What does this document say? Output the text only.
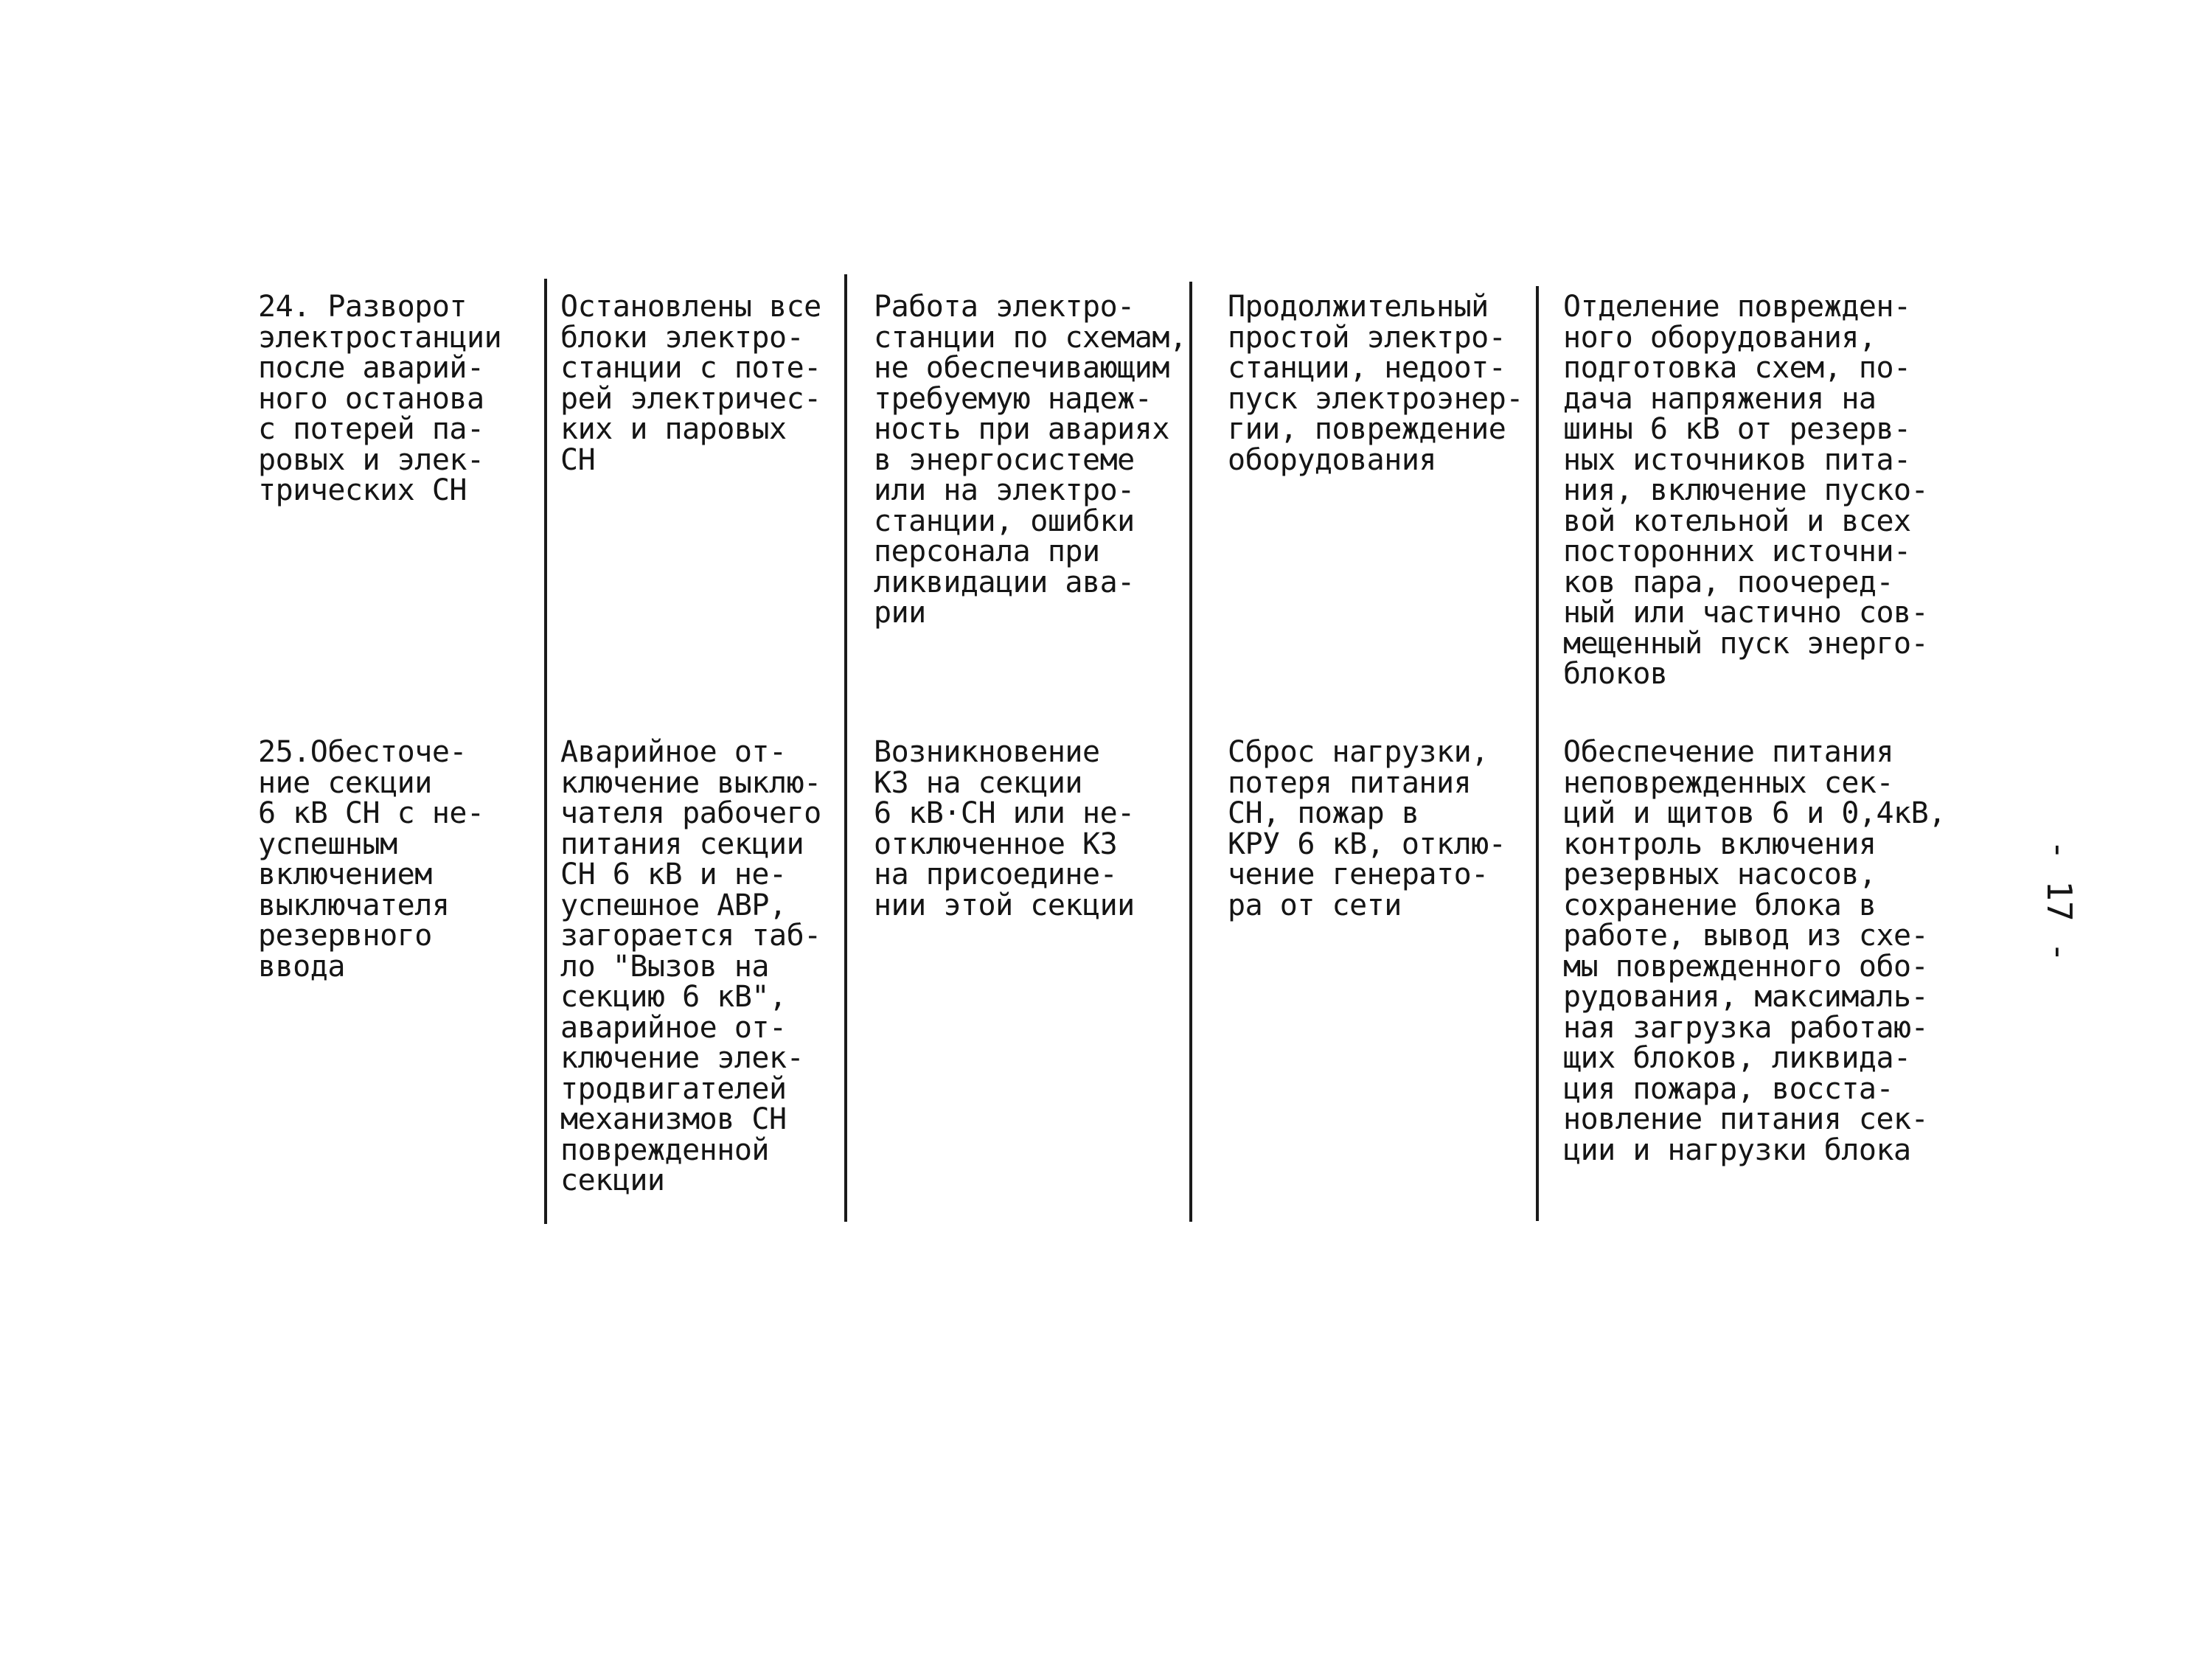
24. Разворот
электростанции
после аварий-
ного останова
с потерей па-
ровых и элек-
трических СН
Остановлены все
блоки электро-
станции с поте-
рей электричес-
ких и паровых
СН
Работа электро-
станции по схемам,
не обеспечивающим
требуемую надеж-
ность при авариях
в энергосистеме
или на электро-
станции, ошибки
персонала при
ликвидации ава-
рии
Продолжительный
простой электро-
станции, недоот-
пуск электроэнер-
гии, повреждение
оборудования
Отделение поврежден-
ного оборудования,
подготовка схем, по-
дача напряжения на
шины 6 кВ от резерв-
ных источников пита-
ния, включение пуско-
вой котельной и всех
посторонних источни-
ков пара, поочеред-
ный или частично сов-
мещенный пуск энерго-
блоков
25.Обесточе-
ние секции
6 кВ СН с не-
успешным
включением
выключателя
резервного
ввода
Аварийное от-
ключение выклю-
чателя рабочего
питания секции
СН 6 кВ и не-
успешное АВР,
загорается таб-
ло "Вызов на
секцию 6 кВ",
аварийное от-
ключение элек-
тродвигателей
механизмов СН
поврежденной
секции
Возникновение
КЗ на секции
6 кВ·СН или не-
отключенное КЗ
на присоедине-
нии этой секции
Сброс нагрузки,
потеря питания
СН, пожар в
КРУ 6 кВ, отклю-
чение генерато-
ра от сети
Обеспечение питания
неповрежденных сек-
ций и щитов 6 и 0,4кВ,
контроль включения
резервных насосов,
сохранение блока в
работе, вывод из схе-
мы поврежденного обо-
рудования, максималь-
ная загрузка работаю-
щих блоков, ликвида-
ция пожара, восста-
новление питания сек-
ции и нагрузки блока
- 17 -
